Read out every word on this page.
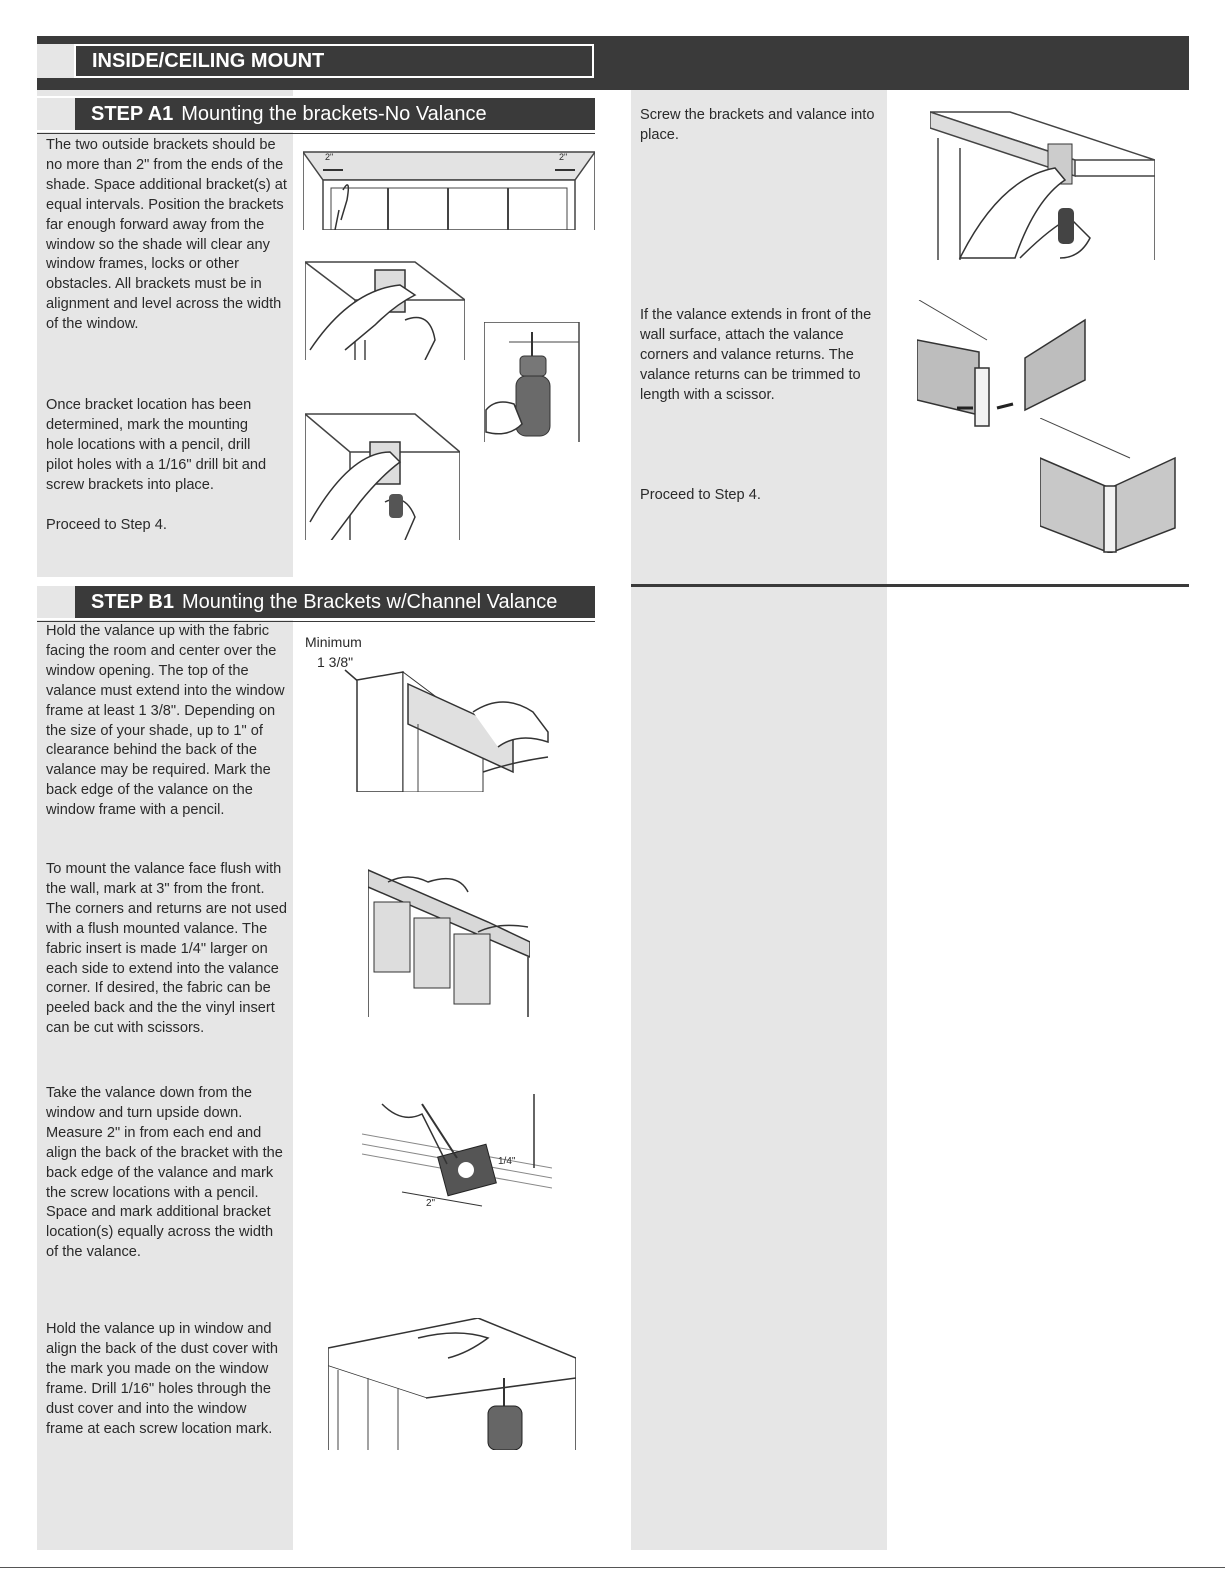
INSIDE/CEILING MOUNT
STEP A1 Mounting the brackets-No Valance

The two outside brackets should be no more than 2" from the ends of the shade. Space additional bracket(s) at equal intervals. Position the brackets far enough forward away from the window so the shade will clear any window frames, locks or other obstacles. All brackets must be in alignment and level across the width of the window.

Once bracket location has been determined, mark the mounting hole locations with a pencil, drill pilot holes with a 1/16" drill bit and screw brackets into place.

Proceed to Step 4.

2"	2"

Screw the brackets and valance into place.

If the valance extends in front of the wall surface, attach the valance corners and valance returns. The valance returns can be trimmed to length with a scissor.

Proceed to Step 4.

STEP B1 Mounting the Brackets w/Channel Valance

Hold the valance up with the fabric facing the room and center over the window opening. The top of the valance must extend into the window frame at least 1 3/8". Depending on the size of your shade, up to 1" of clearance behind the back of the valance may be required. Mark the back edge of the valance on the window frame with a pencil.

To mount the valance face flush with the wall, mark at 3" from the front. The corners and returns are not used with a flush mounted valance. The fabric insert is made 1/4" larger on each side to extend into the valance corner. If desired, the fabric can be peeled back and the the vinyl insert can be cut with scissors.

Take the valance down from the window and turn upside down. Measure 2" in from each end and align the back of the bracket with the back edge of the valance and mark the screw locations with a pencil. Space and mark additional bracket location(s) equally across the width of the valance.

Hold the valance up in window and align the back of the dust cover with the mark you made on the window frame. Drill 1/16" holes through the dust cover and into the window frame at each screw location mark.

Minimum
1 3/8"
1/4"
2"
